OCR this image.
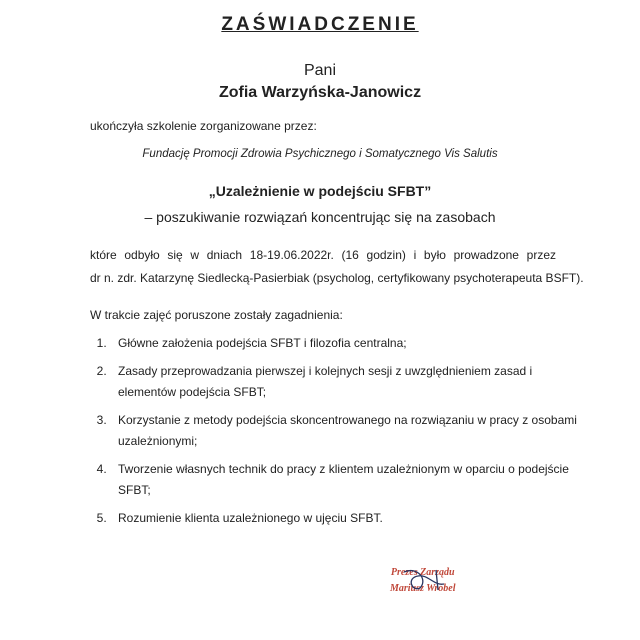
ZAŚWIADCZENIE
Pani
Zofia Warzyńska-Janowicz
ukończyła szkolenie zorganizowane przez:
Fundację Promocji Zdrowia Psychicznego i Somatycznego Vis Salutis
„Uzależnienie w podejściu SFBT”
– poszukiwanie rozwiązań koncentrując się na zasobach
które odbyło się w dniach 18-19.06.2022r. (16 godzin) i było prowadzone przez
dr n. zdr. Katarzynę Siedlecką-Pasierbiak (psycholog, certyfikowany psychoterapeuta BSFT).
W trakcie zajęć poruszone zostały zagadnienia:
1. Główne założenia podejścia SFBT i filozofia centralna;
2. Zasady przeprowadzania pierwszej i kolejnych sesji z uwzględnieniem zasad i elementów podejścia SFBT;
3. Korzystanie z metody podejścia skoncentrowanego na rozwiązaniu w pracy z osobami uzależnionymi;
4. Tworzenie własnych technik do pracy z klientem uzależnionym w oparciu o podejście SFBT;
5. Rozumienie klienta uzależnionego w ujęciu SFBT.
Prezes Zarządu
Mariusz Wróbel
